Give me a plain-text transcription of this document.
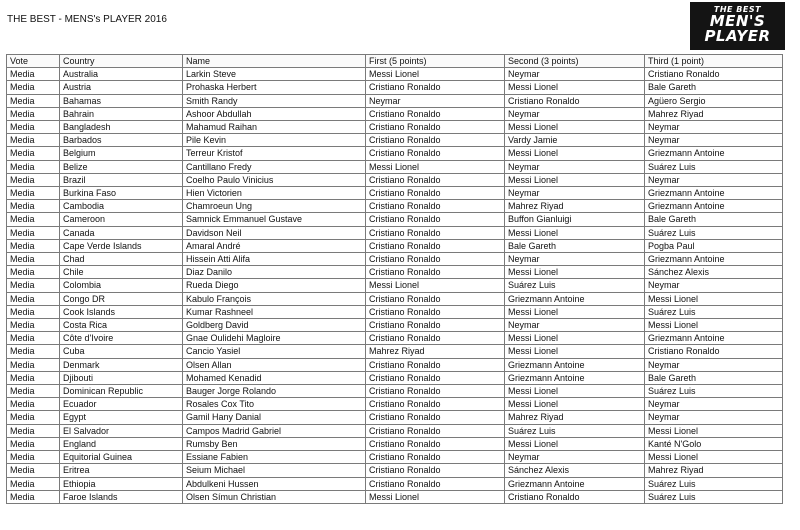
THE BEST - MENS's PLAYER 2016
THE BEST
MEN'S
PLAYER
Vote	Country	Name	First (5 points)	Second (3 points)	Third (1 point)
Media	Australia	Larkin Steve	Messi Lionel	Neymar	Cristiano Ronaldo
Media	Austria	Prohaska Herbert	Cristiano Ronaldo	Messi Lionel	Bale Gareth
Media	Bahamas	Smith Randy	Neymar	Cristiano Ronaldo	Agüero Sergio
Media	Bahrain	Ashoor Abdullah	Cristiano Ronaldo	Neymar	Mahrez Riyad
Media	Bangladesh	Mahamud Raihan	Cristiano Ronaldo	Messi Lionel	Neymar
Media	Barbados	Pile Kevin	Cristiano Ronaldo	Vardy Jamie	Neymar
Media	Belgium	Terreur Kristof	Cristiano Ronaldo	Messi Lionel	Griezmann Antoine
Media	Belize	Cantillano Fredy	Messi Lionel	Neymar	Suárez Luis
Media	Brazil	Coelho Paulo Vinicius	Cristiano Ronaldo	Messi Lionel	Neymar
Media	Burkina Faso	Hien Victorien	Cristiano Ronaldo	Neymar	Griezmann Antoine
Media	Cambodia	Chamroeun Ung	Cristiano Ronaldo	Mahrez Riyad	Griezmann Antoine
Media	Cameroon	Samnick Emmanuel Gustave	Cristiano Ronaldo	Buffon Gianluigi	Bale Gareth
Media	Canada	Davidson Neil	Cristiano Ronaldo	Messi Lionel	Suárez Luis
Media	Cape Verde Islands	Amaral André	Cristiano Ronaldo	Bale Gareth	Pogba Paul
Media	Chad	Hissein Atti Alifa	Cristiano Ronaldo	Neymar	Griezmann Antoine
Media	Chile	Diaz Danilo	Cristiano Ronaldo	Messi Lionel	Sánchez Alexis
Media	Colombia	Rueda Diego	Messi Lionel	Suárez Luis	Neymar
Media	Congo DR	Kabulo François	Cristiano Ronaldo	Griezmann Antoine	Messi Lionel
Media	Cook Islands	Kumar Rashneel	Cristiano Ronaldo	Messi Lionel	Suárez Luis
Media	Costa Rica	Goldberg David	Cristiano Ronaldo	Neymar	Messi Lionel
Media	Côte d'Ivoire	Gnae Oulidehi Magloire	Cristiano Ronaldo	Messi Lionel	Griezmann Antoine
Media	Cuba	Cancio Yasiel	Mahrez Riyad	Messi Lionel	Cristiano Ronaldo
Media	Denmark	Olsen Allan	Cristiano Ronaldo	Griezmann Antoine	Neymar
Media	Djibouti	Mohamed Kenadid	Cristiano Ronaldo	Griezmann Antoine	Bale Gareth
Media	Dominican Republic	Bauger Jorge Rolando	Cristiano Ronaldo	Messi Lionel	Suárez Luis
Media	Ecuador	Rosales Cox Tito	Cristiano Ronaldo	Messi Lionel	Neymar
Media	Egypt	Gamil Hany Danial	Cristiano Ronaldo	Mahrez Riyad	Neymar
Media	El Salvador	Campos Madrid Gabriel	Cristiano Ronaldo	Suárez Luis	Messi Lionel
Media	England	Rumsby Ben	Cristiano Ronaldo	Messi Lionel	Kanté N'Golo
Media	Equitorial Guinea	Essiane Fabien	Cristiano Ronaldo	Neymar	Messi Lionel
Media	Eritrea	Seium Michael	Cristiano Ronaldo	Sánchez Alexis	Mahrez Riyad
Media	Ethiopia	Abdulkeni Hussen	Cristiano Ronaldo	Griezmann Antoine	Suárez Luis
Media	Faroe Islands	Olsen Símun Christian	Messi Lionel	Cristiano Ronaldo	Suárez Luis
